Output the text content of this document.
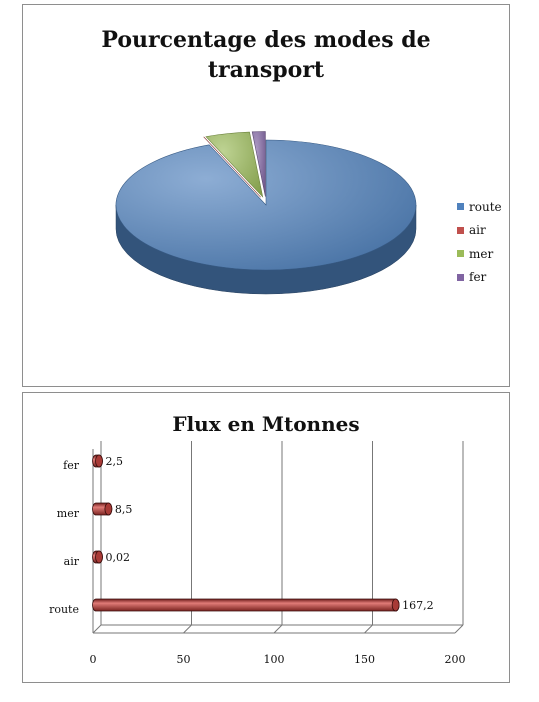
Pourcentage des modes de
transport
route
air
mer
fer
Flux en Mtonnes
0	50	100	150	200
167,2
route
0,02
air
8,5
mer
2,5
fer
